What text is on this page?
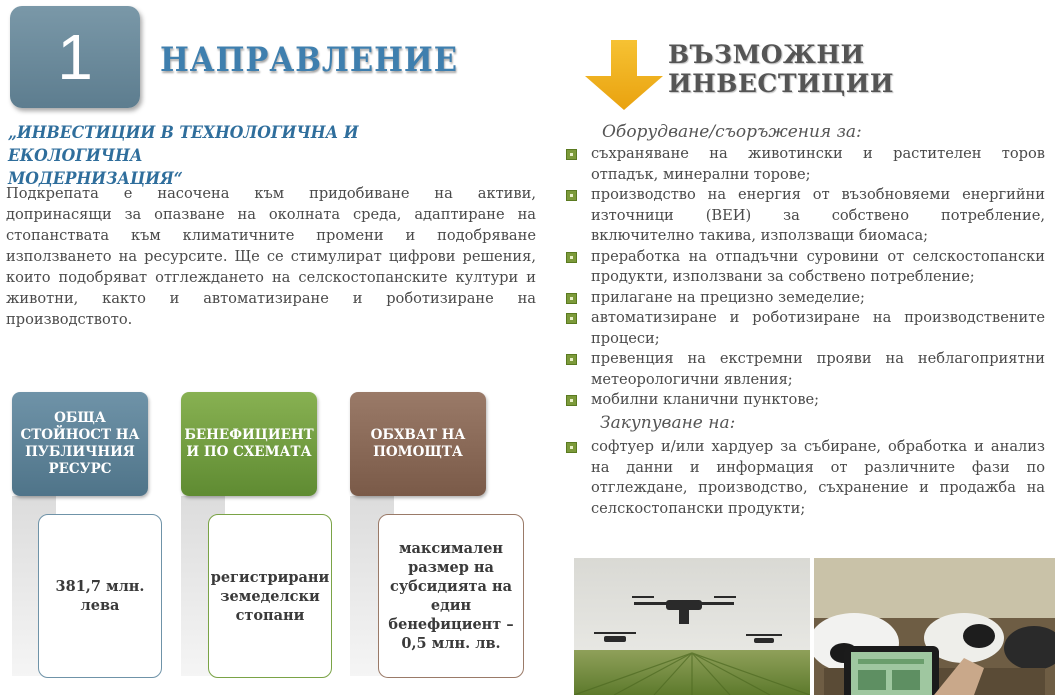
1 НАПРАВЛЕНИЕ	ВЪЗМОЖНИ ИНВЕСТИЦИИ
„ИНВЕСТИЦИИ В ТЕХНОЛОГИЧНА И ЕКОЛОГИЧНА
МОДЕРНИЗАЦИЯ“
Подкрепата е насочена към придобиване на активи,
допринасящи за опазване на околната среда, адаптиране на
стопанствата към климатичните промени и подобряване
използването на ресурсите. Ще се стимулират цифрови решения,
които подобряват отглеждането на селскостопанските култури и
животни, както и автоматизиране и роботизиране на
производството.
ОБЩА СТОЙНОСТ НА ПУБЛИЧНИЯ РЕСУРС
БЕНЕФИЦИЕНТ И ПО СХЕМАТА
ОБХВАТ НА ПОМОЩТА
381,7 млн. лева
регистрирани земеделски стопани
максимален размер на субсидията на един бенефициент – 0,5 млн. лв.
Оборудване/съоръжения за:
съхраняване на животински и растителен торов
отпадък, минерални торове;
производство на енергия от възобновяеми енергийни
източници (ВЕИ) за собствено потребление,
включително такива, използващи биомаса;
преработка на отпадъчни суровини от селскостопански
продукти, използвани за собствено потребление;
прилагане на прецизно земеделие;
автоматизиране и роботизиране на производствените
процеси;
превенция на екстремни прояви на неблагоприятни
метеорологични явления;
мобилни кланични пунктове;
Закупуване на:
софтуер и/или хардуер за събиране, обработка и анализ
на данни и информация от различните фази по
отглеждане, производство, съхранение и продажба на
селскостопански продукти;
